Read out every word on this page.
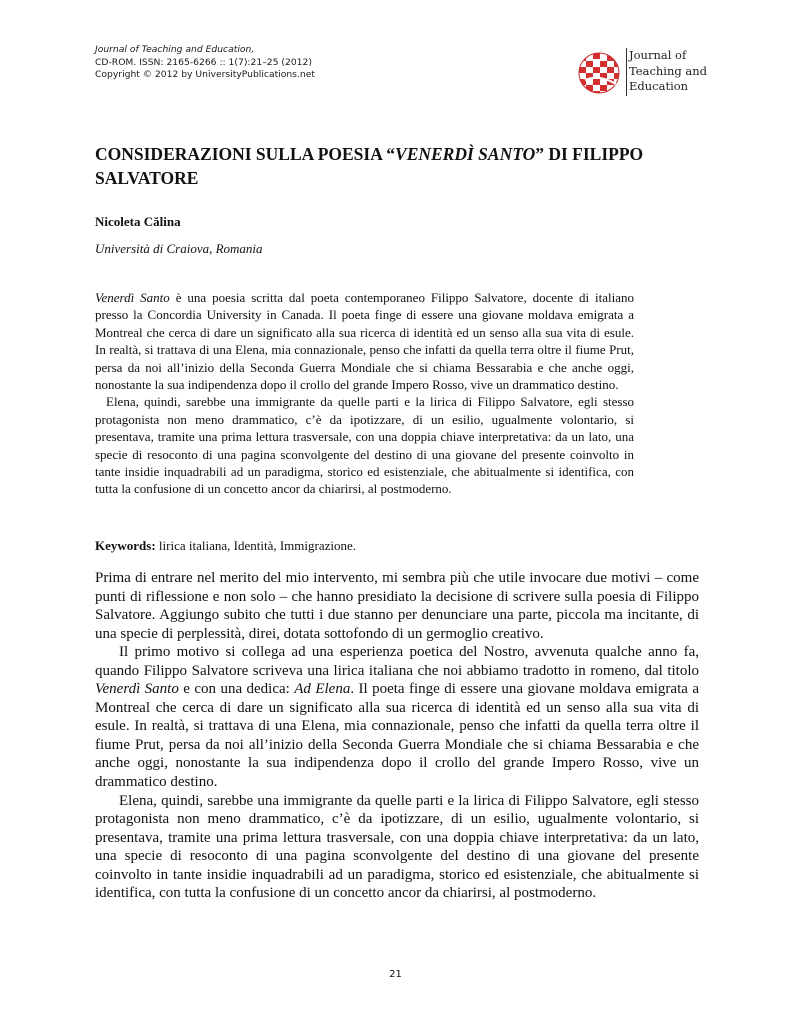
Journal of Teaching and Education,
CD-ROM. ISSN: 2165-6266 :: 1(7):21–25 (2012)
Copyright © 2012 by UniversityPublications.net
Journal of
Teaching and
Education
CONSIDERAZIONI SULLA POESIA “VENERDÌ SANTO” DI FILIPPO SALVATORE
Nicoleta Călina
Università di Craiova, Romania

Venerdì Santo è una poesia scritta dal poeta contemporaneo Filippo Salvatore, docente di italiano presso la Concordia University in Canada. Il poeta finge di essere una giovane moldava emigrata a Montreal che cerca di dare un significato alla sua ricerca di identità ed un senso alla sua vita di esule. In realtà, si trattava di una Elena, mia connazionale, penso che infatti da quella terra oltre il fiume Prut, persa da noi all’inizio della Seconda Guerra Mondiale che si chiama Bessarabia e che anche oggi, nonostante la sua indipendenza dopo il crollo del grande Impero Rosso, vive un drammatico destino.

Elena, quindi, sarebbe una immigrante da quelle parti e la lirica di Filippo Salvatore, egli stesso protagonista non meno drammatico, c’è da ipotizzare, di un esilio, ugualmente volontario, si presentava, tramite una prima lettura trasversale, con una doppia chiave interpretativa: da un lato, una specie di resoconto di una pagina sconvolgente del destino di una giovane del presente coinvolto in tante insidie inquadrabili ad un paradigma, storico ed esistenziale, che abitualmente si identifica, con tutta la confusione di un concetto ancor da chiarirsi, al postmoderno.

Keywords: lirica italiana, Identità, Immigrazione.

Prima di entrare nel merito del mio intervento, mi sembra più che utile invocare due motivi – come punti di riflessione e non solo – che hanno presidiato la decisione di scrivere sulla poesia di Filippo Salvatore. Aggiungo subito che tutti i due stanno per denunciare una parte, piccola ma incitante, di una specie di perplessità, direi, dotata sottofondo di un germoglio creativo.

Il primo motivo si collega ad una esperienza poetica del Nostro, avvenuta qualche anno fa, quando Filippo Salvatore scriveva una lirica italiana che noi abbiamo tradotto in romeno, dal titolo Venerdì Santo e con una dedica: Ad Elena. Il poeta finge di essere una giovane moldava emigrata a Montreal che cerca di dare un significato alla sua ricerca di identità ed un senso alla sua vita di esule. In realtà, si trattava di una Elena, mia connazionale, penso che infatti da quella terra oltre il fiume Prut, persa da noi all’inizio della Seconda Guerra Mondiale che si chiama Bessarabia e che anche oggi, nonostante la sua indipendenza dopo il crollo del grande Impero Rosso, vive un drammatico destino.

Elena, quindi, sarebbe una immigrante da quelle parti e la lirica di Filippo Salvatore, egli stesso protagonista non meno drammatico, c’è da ipotizzare, di un esilio, ugualmente volontario, si presentava, tramite una prima lettura trasversale, con una doppia chiave interpretativa: da un lato, una specie di resoconto di una pagina sconvolgente del destino di una giovane del presente coinvolto in tante insidie inquadrabili ad un paradigma, storico ed esistenziale, che abitualmente si identifica, con tutta la confusione di un concetto ancor da chiarirsi, al postmoderno.

21
